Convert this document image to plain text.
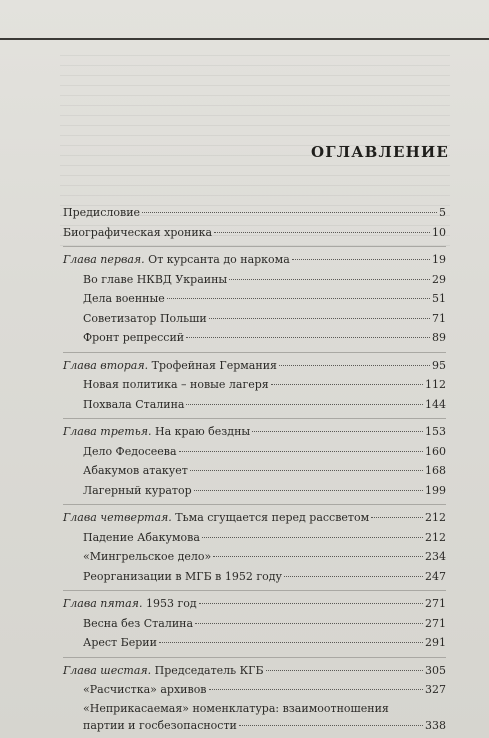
ОГЛАВЛЕНИЕ
Предисловие	5
Биографическая хроника	10
Глава первая. От курсанта до наркома	19
Во главе НКВД Украины	29
Дела военные	51
Советизатор Польши	71
Фронт репрессий	89
Глава вторая. Трофейная Германия	95
Новая политика – новые лагеря	112
Похвала Сталина	144
Глава третья. На краю бездны	153
Дело Федосеева	160
Абакумов атакует	168
Лагерный куратор	199
Глава четвертая. Тьма сгущается перед рассветом	212
Падение Абакумова	212
«Мингрельское дело»	234
Реорганизации в МГБ в 1952 году	247
Глава пятая. 1953 год	271
Весна без Сталина	271
Арест Берии	291
Глава шестая. Председатель КГБ	305
«Расчистка» архивов	327
«Неприкасаемая» номенклатура: взаимоотношения
партии и госбезопасности	338
